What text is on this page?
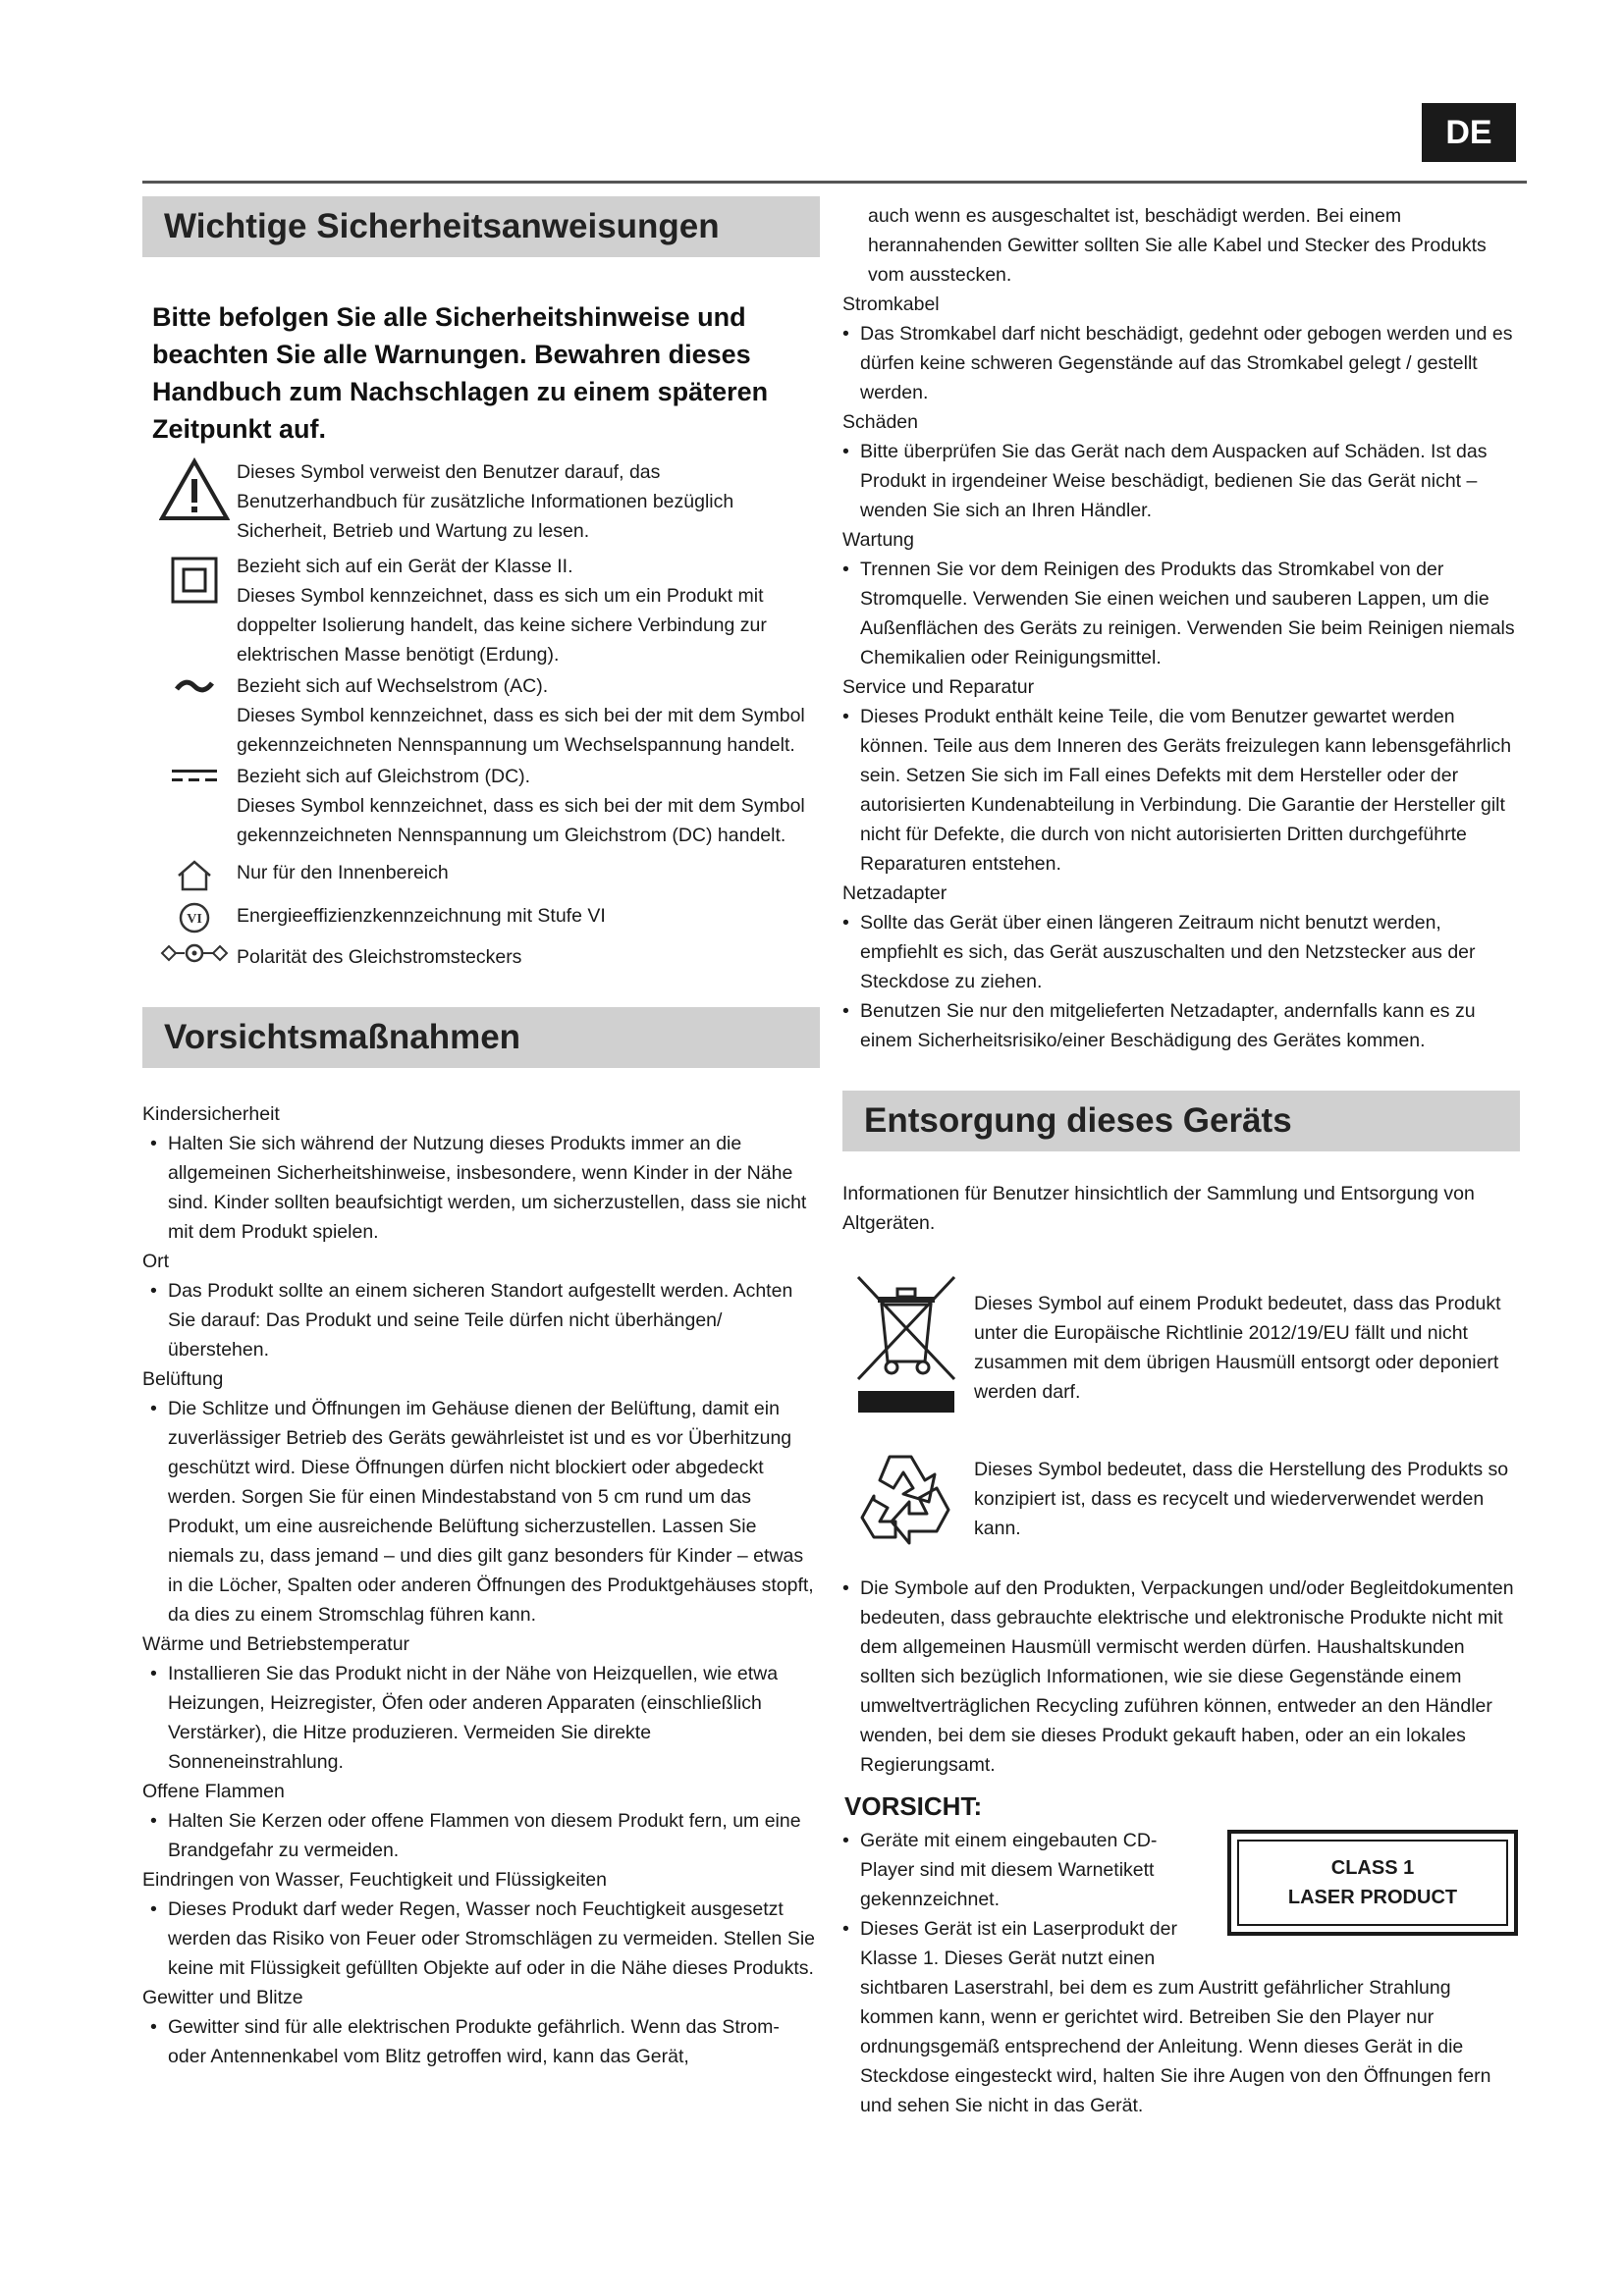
DE
Wichtige Sicherheitsanweisungen
Bitte befolgen Sie alle Sicherheitshinweise und beachten Sie alle Warnungen. Bewahren dieses Handbuch zum Nachschlagen zu einem späteren Zeitpunkt auf.

Dieses Symbol verweist den Benutzer darauf, das Benutzerhandbuch für zusätzliche Informationen bezüglich Sicherheit, Betrieb und Wartung zu lesen.

Bezieht sich auf ein Gerät der Klasse II.

Dieses Symbol kennzeichnet, dass es sich um ein Produkt mit doppelter Isolierung handelt, das keine sichere Verbindung zur elektrischen Masse benötigt (Erdung).

Bezieht sich auf Wechselstrom (AC).

Dieses Symbol kennzeichnet, dass es sich bei der mit dem Symbol gekennzeichneten Nennspannung um Wechselspannung handelt.

Bezieht sich auf Gleichstrom (DC).

Dieses Symbol kennzeichnet, dass es sich bei der mit dem Symbol gekennzeichneten Nennspannung um Gleichstrom (DC) handelt.

Nur für den Innenbereich

VI Energieeffizienzkennzeichnung mit Stufe VI

Polarität des Gleichstromsteckers

Vorsichtsmaßnahmen

Kindersicherheit

• Halten Sie sich während der Nutzung dieses Produkts immer an die allgemeinen Sicherheitshinweise, insbesondere, wenn Kinder in der Nähe sind. Kinder sollten beaufsichtigt werden, um sicherzustellen, dass sie nicht mit dem Produkt spielen.

Ort

• Das Produkt sollte an einem sicheren Standort aufgestellt werden. Achten Sie darauf: Das Produkt und seine Teile dürfen nicht überhängen/überstehen.

Belüftung

• Die Schlitze und Öffnungen im Gehäuse dienen der Belüftung, damit ein zuverlässiger Betrieb des Geräts gewährleistet ist und es vor Überhitzung geschützt wird. Diese Öffnungen dürfen nicht blockiert oder abgedeckt werden. Sorgen Sie für einen Mindestabstand von 5 cm rund um das Produkt, um eine ausreichende Belüftung sicherzustellen. Lassen Sie niemals zu, dass jemand – und dies gilt ganz besonders für Kinder – etwas in die Löcher, Spalten oder anderen Öffnungen des Produktgehäuses stopft, da dies zu einem Stromschlag führen kann.

Wärme und Betriebstemperatur

• Installieren Sie das Produkt nicht in der Nähe von Heizquellen, wie etwa Heizungen, Heizregister, Öfen oder anderen Apparaten (einschließlich Verstärker), die Hitze produzieren. Vermeiden Sie direkte Sonneneinstrahlung.

Offene Flammen

• Halten Sie Kerzen oder offene Flammen von diesem Produkt fern, um eine Brandgefahr zu vermeiden.

Eindringen von Wasser, Feuchtigkeit und Flüssigkeiten

• Dieses Produkt darf weder Regen, Wasser noch Feuchtigkeit ausgesetzt werden das Risiko von Feuer oder Stromschlägen zu vermeiden. Stellen Sie keine mit Flüssigkeit gefüllten Objekte auf oder in die Nähe dieses Produkts.

Gewitter und Blitze

• Gewitter sind für alle elektrischen Produkte gefährlich. Wenn das Strom- oder Antennenkabel vom Blitz getroffen wird, kann das Gerät,

auch wenn es ausgeschaltet ist, beschädigt werden. Bei einem herannahenden Gewitter sollten Sie alle Kabel und Stecker des Produkts vom ausstecken.

Stromkabel

• Das Stromkabel darf nicht beschädigt, gedehnt oder gebogen werden und es dürfen keine schweren Gegenstände auf das Stromkabel gelegt / gestellt werden.

Schäden

• Bitte überprüfen Sie das Gerät nach dem Auspacken auf Schäden. Ist das Produkt in irgendeiner Weise beschädigt, bedienen Sie das Gerät nicht – wenden Sie sich an Ihren Händler.

Wartung

• Trennen Sie vor dem Reinigen des Produkts das Stromkabel von der Stromquelle. Verwenden Sie einen weichen und sauberen Lappen, um die Außenflächen des Geräts zu reinigen. Verwenden Sie beim Reinigen niemals Chemikalien oder Reinigungsmittel.

Service und Reparatur

• Dieses Produkt enthält keine Teile, die vom Benutzer gewartet werden können. Teile aus dem Inneren des Geräts freizulegen kann lebensgefährlich sein. Setzen Sie sich im Fall eines Defekts mit dem Hersteller oder der autorisierten Kundenabteilung in Verbindung. Die Garantie der Hersteller gilt nicht für Defekte, die durch von nicht autorisierten Dritten durchgeführte Reparaturen entstehen.

Netzadapter

• Sollte das Gerät über einen längeren Zeitraum nicht benutzt werden, empfiehlt es sich, das Gerät auszuschalten und den Netzstecker aus der Steckdose zu ziehen.
• Benutzen Sie nur den mitgelieferten Netzadapter, andernfalls kann es zu einem Sicherheitsrisiko/einer Beschädigung des Gerätes kommen.
Entsorgung dieses Geräts

Informationen für Benutzer hinsichtlich der Sammlung und Entsorgung von Altgeräten.

Dieses Symbol auf einem Produkt bedeutet, dass das Produkt unter die Europäische Richtlinie 2012/19/EU fällt und nicht zusammen mit dem übrigen Hausmüll entsorgt oder deponiert werden darf.
Dieses Symbol bedeutet, dass die Herstellung des Produkts so konzipiert ist, dass es recycelt und wiederverwendet werden kann.
• Die Symbole auf den Produkten, Verpackungen und/oder Begleitdokumenten bedeuten, dass gebrauchte elektrische und elektronische Produkte nicht mit dem allgemeinen Hausmüll vermischt werden dürfen. Haushaltskunden sollten sich bezüglich Informationen, wie sie diese Gegenstände einem umweltverträglichen Recycling zuführen können, entweder an den Händler wenden, bei dem sie dieses Produkt gekauft haben, oder an ein lokales Regierungsamt.
VORSICHT:
• Geräte mit einem eingebauten CD-Player sind mit diesem Warnetikett gekennzeichnet.
• Dieses Gerät ist ein Laserprodukt der Klasse 1. Dieses Gerät nutzt einen

sichtbaren Laserstrahl, bei dem es zum Austritt gefährlicher Strahlung kommen kann, wenn er gerichtet wird. Betreiben Sie den Player nur ordnungsgemäß entsprechend der Anleitung. Wenn dieses Gerät in die Steckdose eingesteckt wird, halten Sie ihre Augen von den Öffnungen fern und sehen Sie nicht in das Gerät.

CLASS 1
LASER PRODUCT
